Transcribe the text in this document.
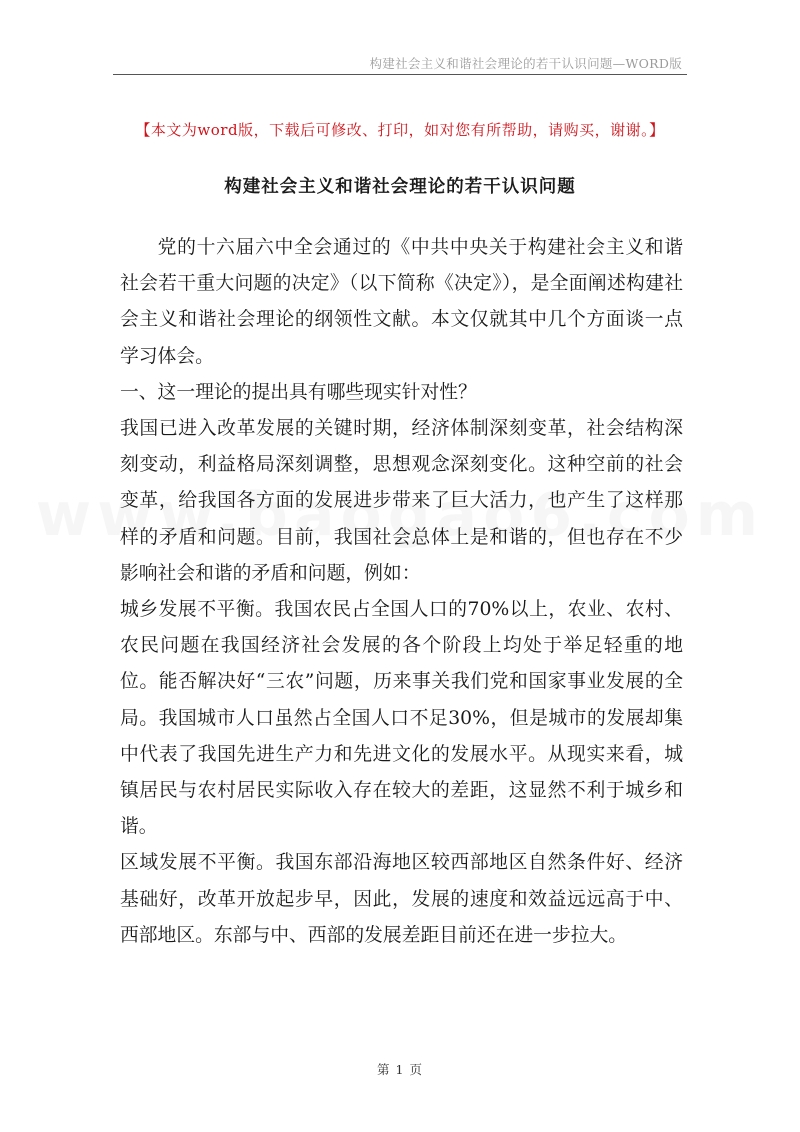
构建社会主义和谐社会理论的若干认识问题—WORD版
【本文为word版，下载后可修改、打印，如对您有所帮助，请购买，谢谢。】
构建社会主义和谐社会理论的若干认识问题

党的十六届六中全会通过的《中共中央关于构建社会主义和谐社会若干重大问题的决定》（以下简称《决定》），是全面阐述构建社会主义和谐社会理论的纲领性文献。本文仅就其中几个方面谈一点学习体会。

一、这一理论的提出具有哪些现实针对性？

我国已进入改革发展的关键时期，经济体制深刻变革，社会结构深刻变动，利益格局深刻调整，思想观念深刻变化。这种空前的社会变革，给我国各方面的发展进步带来了巨大活力，也产生了这样那样的矛盾和问题。目前，我国社会总体上是和谐的，但也存在不少影响社会和谐的矛盾和问题，例如：

城乡发展不平衡。我国农民占全国人口的70%以上，农业、农村、农民问题在我国经济社会发展的各个阶段上均处于举足轻重的地位。能否解决好“三农”问题，历来事关我们党和国家事业发展的全局。我国城市人口虽然占全国人口不足30%，但是城市的发展却集中代表了我国先进生产力和先进文化的发展水平。从现实来看，城镇居民与农村居民实际收入存在较大的差距，这显然不利于城乡和谐。

区域发展不平衡。我国东部沿海地区较西部地区自然条件好、经济基础好，改革开放起步早，因此，发展的速度和效益远远高于中、西部地区。东部与中、西部的发展差距目前还在进一步拉大。

第 1 页
